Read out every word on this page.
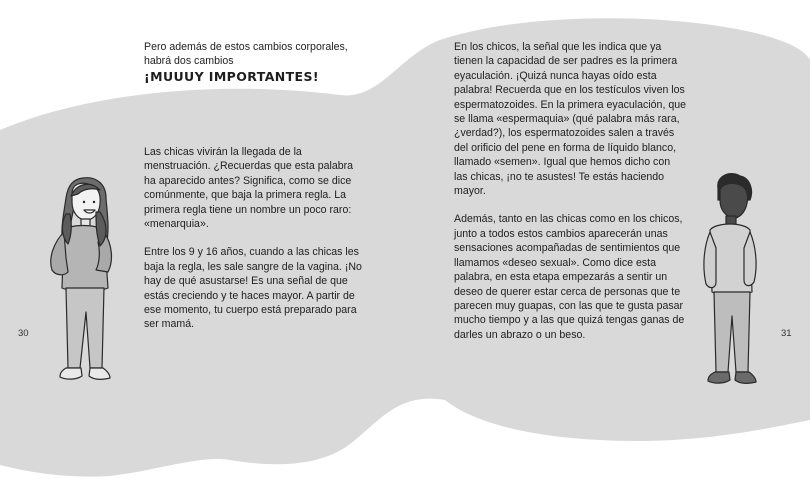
Pero además de estos cambios corporales,

habrá dos cambios

¡MUUUY IMPORTANTES!

Las chicas vivirán la llegada de la menstruación. ¿Recuerdas que esta palabra ha aparecido antes? Significa, como se dice comúnmente, que baja la primera regla. La primera regla tiene un nombre un poco raro: «menarquia».

Entre los 9 y 16 años, cuando a las chicas les baja la regla, les sale sangre de la vagina. ¡No hay de qué asustarse! Es una señal de que estás creciendo y te haces mayor. A partir de ese momento, tu cuerpo está preparado para ser mamá.

En los chicos, la señal que les indica que ya tienen la capacidad de ser padres es la primera eyaculación. ¡Quizá nunca hayas oído esta palabra! Recuerda que en los testículos viven los espermatozoides. En la primera eyaculación, que se llama «espermaquia» (qué palabra más rara, ¿verdad?), los espermatozoides salen a través del orificio del pene en forma de líquido blanco, llamado «semen». Igual que hemos dicho con las chicas, ¡no te asustes! Te estás haciendo mayor.

Además, tanto en las chicas como en los chicos, junto a todos estos cambios aparecerán unas sensaciones acompañadas de sentimientos que llamamos «deseo sexual». Como dice esta palabra, en esta etapa empezarás a sentir un deseo de querer estar cerca de personas que te parecen muy guapas, con las que te gusta pasar mucho tiempo y a las que quizá tengas ganas de darles un abrazo o un beso.

30	31
